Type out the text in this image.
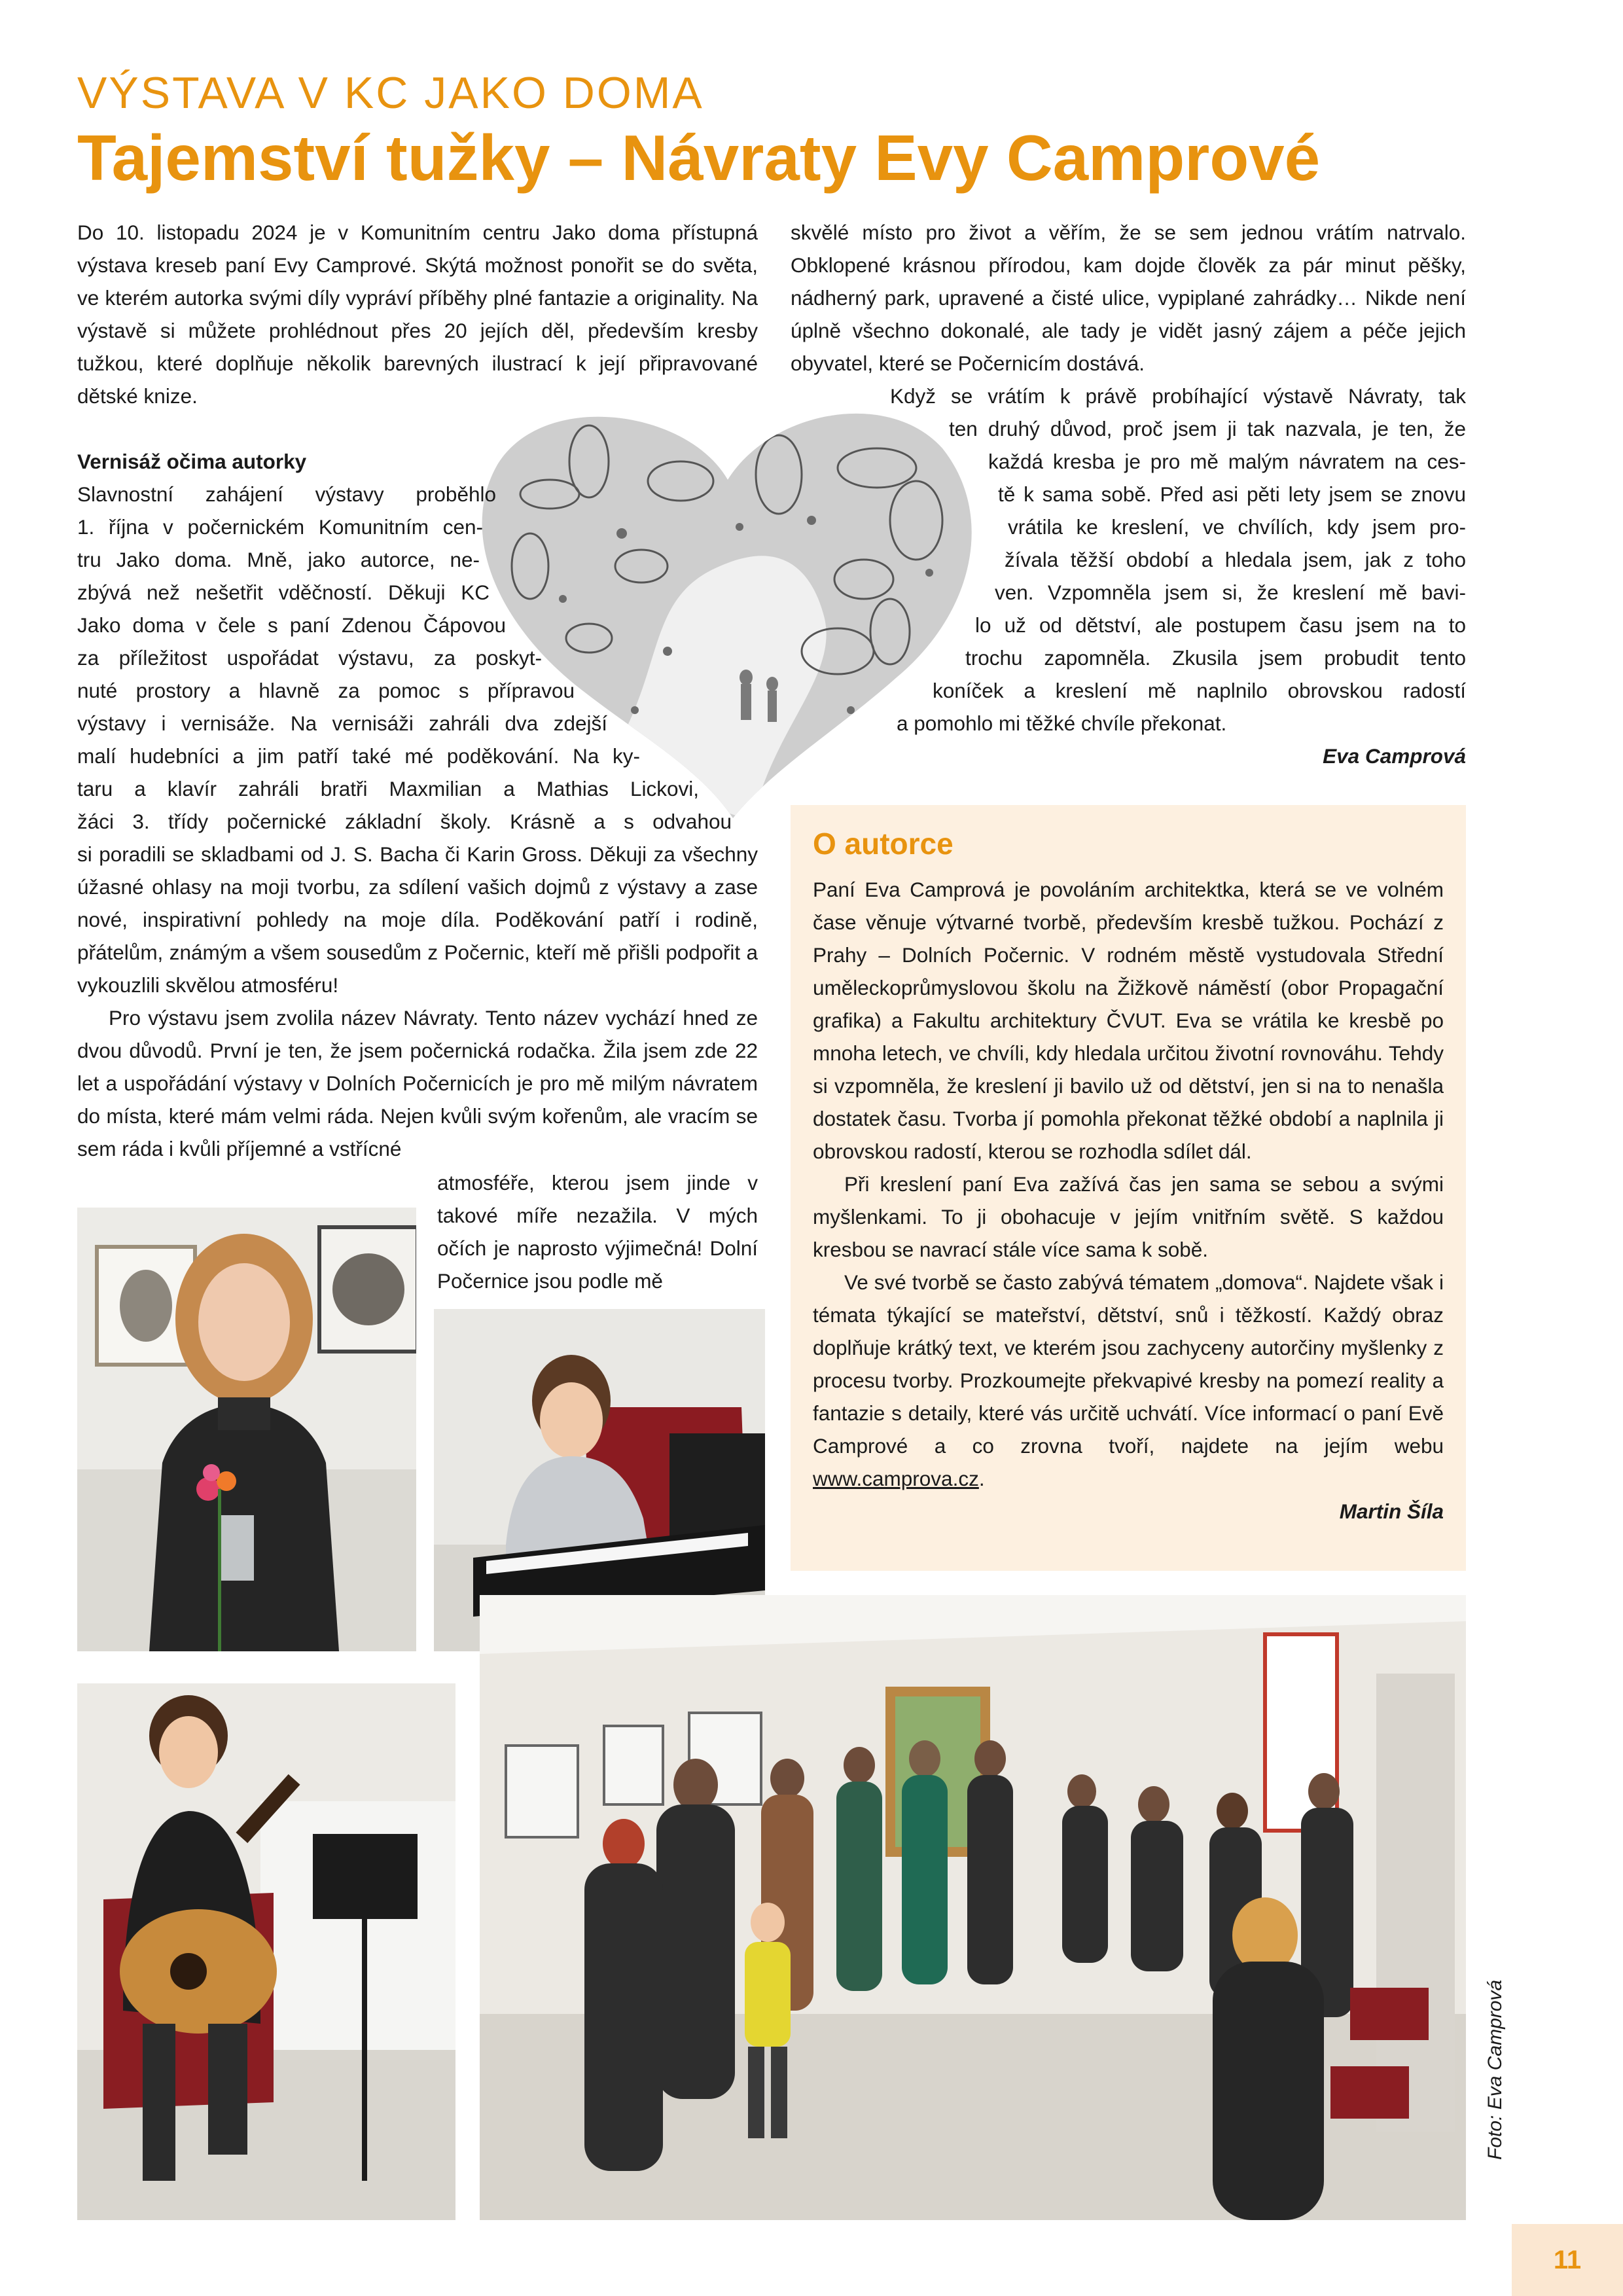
VÝSTAVA V KC JAKO DOMA
Tajemství tužky – Návraty Evy Camprové

Do 10. listopadu 2024 je v Komunitním centru Jako doma přístupná výstava kreseb paní Evy Camprové. Skýtá možnost ponořit se do světa, ve kterém autorka svými díly vypráví příběhy plné fantazie a originality. Na výstavě si můžete prohlédnout přes 20 jejích děl, především kresby tužkou, které doplňuje několik barevných ilustrací k její připravované dětské knize.

Vernisáž očima autorky
Slavnostní zahájení výstavy proběhlo
1. října v počernickém Komunitním cen-
tru Jako doma. Mně, jako autorce, ne-
zbývá než nešetřit vděčností. Děkuji KC
Jako doma v čele s paní Zdenou Čápovou
za příležitost uspořádat výstavu, za poskyt-
nuté prostory a hlavně za pomoc s přípravou
výstavy i vernisáže. Na vernisáži zahráli dva zdejší
malí hudebníci a jim patří také mé poděkování. Na ky-
taru a klavír zahráli bratři Maxmilian a Mathias Lickovi,
žáci 3. třídy počernické základní školy. Krásně a s odvahou

si poradili se skladbami od J. S. Bacha či Karin Gross. Děkuji za všechny úžasné ohlasy na moji tvorbu, za sdílení vašich dojmů z výstavy a zase nové, inspirativní pohledy na moje díla. Poděkování patří i rodině, přátelům, známým a všem sousedům z Počernic, kteří mě přišli podpořit a vykouzlili skvělou atmosféru!

Pro výstavu jsem zvolila název Návraty. Tento název vychází hned ze dvou důvodů. První je ten, že jsem počernická rodačka. Žila jsem zde 22 let a uspořádání výstavy v Dolních Počernicích je pro mě milým návratem do místa, které mám velmi ráda. Nejen kvůli svým kořenům, ale vracím se sem ráda i kvůli příjemné a vstřícné

atmosféře, kterou jsem jinde v takové míře nezažila. V mých očích je naprosto výjimečná! Dolní Počernice jsou podle mě

skvělé místo pro život a věřím, že se sem jednou vrátím natrvalo. Obklopené krásnou přírodou, kam dojde člověk za pár minut pěšky, nádherný park, upravené a čisté ulice, vypiplané zahrádky… Nikde není úplně všechno dokonalé, ale tady je vidět jasný zájem a péče jejich obyvatel, které se Počernicím dostává.

Když se vrátím k právě probíhající výstavě Návraty, tak
ten druhý důvod, proč jsem ji tak nazvala, je ten, že
každá kresba je pro mě malým návratem na ces-
tě k sama sobě. Před asi pěti lety jsem se znovu
vrátila ke kreslení, ve chvílích, kdy jsem pro-
žívala těžší období a hledala jsem, jak z toho
ven. Vzpomněla jsem si, že kreslení mě bavi-
lo už od dětství, ale postupem času jsem na to
trochu zapomněla. Zkusila jsem probudit tento
koníček a kreslení mě naplnilo obrovskou radostí
a pomohlo mi těžké chvíle překonat.
Eva Camprová
O autorce

Paní Eva Camprová je povoláním architektka, která se ve volném čase věnuje výtvarné tvorbě, především kresbě tužkou. Pochází z Prahy – Dolních Počernic. V rodném městě vystudovala Střední uměleckoprůmyslovou školu na Žižkově náměstí (obor Propagační grafika) a Fakultu architektury ČVUT. Eva se vrátila ke kresbě po mnoha letech, ve chvíli, kdy hledala určitou životní rovnováhu. Tehdy si vzpomněla, že kreslení ji bavilo už od dětství, jen si na to nenašla dostatek času. Tvorba jí pomohla překonat těžké období a naplnila ji obrovskou radostí, kterou se rozhodla sdílet dál.

Při kreslení paní Eva zažívá čas jen sama se sebou a svými myšlenkami. To ji obohacuje v jejím vnitřním světě. S každou kresbou se navrací stále více sama k sobě.

Ve své tvorbě se často zabývá tématem „domova“. Najdete však i témata týkající se mateřství, dětství, snů i těžkostí. Každý obraz doplňuje krátký text, ve kterém jsou zachyceny autorčiny myšlenky z procesu tvorby. Prozkoumejte překvapivé kresby na pomezí reality a fantazie s detaily, které vás určitě uchvátí. Více informací o paní Evě Camprové a co zrovna tvoří, najdete na jejím webu www.camprova.cz.

Martin Šíla
Foto: Eva Camprová
11
